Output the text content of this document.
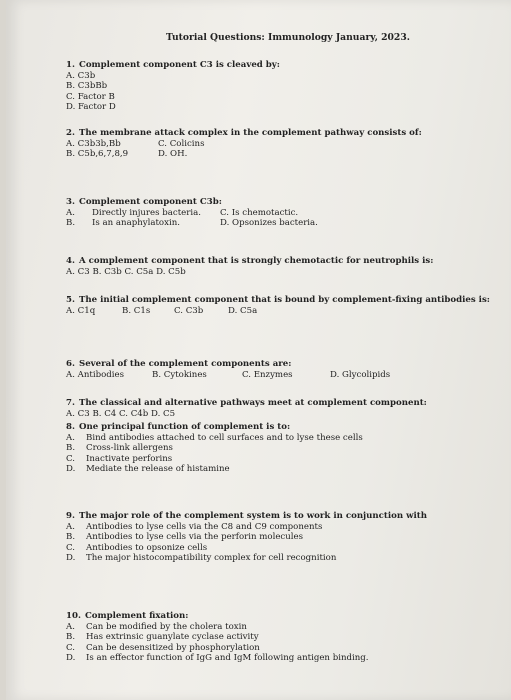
Tutorial Questions: Immunology January, 2023.
1. Complement component C3 is cleaved by:
A. C3b
B. C3bBb
C. Factor B
D. Factor D
2. The membrane attack complex in the complement pathway consists of:
A. C3b3b,Bb	C. Colicins
B. C5b,6,7,8,9	D. OH.
3. Complement component C3b:
A.	Directly injures bacteria.	C. Is chemotactic.
B.	Is an anaphylatoxin.	D. Opsonizes bacteria.
4. A complement component that is strongly chemotactic for neutrophils is:
A. C3 B. C3b C. C5a D. C5b
5. The initial complement component that is bound by complement-fixing antibodies is:
A. C1q	B. C1s	C. C3b	D. C5a
6. Several of the complement components are:
A. Antibodies	B. Cytokines	C. Enzymes	D. Glycolipids
7. The classical and alternative pathways meet at complement component:
A. C3 B. C4 C. C4b D. C5
8. One principal function of complement is to:
A. Bind antibodies attached to cell surfaces and to lyse these cells
B. Cross-link allergens
C. Inactivate perforins
D. Mediate the release of histamine
9. The major role of the complement system is to work in conjunction with
A. Antibodies to lyse cells via the C8 and C9 components
B. Antibodies to lyse cells via the perforin molecules
C. Antibodies to opsonize cells
D. The major histocompatibility complex for cell recognition
10. Complement fixation:
A. Can be modified by the cholera toxin
B. Has extrinsic guanylate cyclase activity
C. Can be desensitized by phosphorylation
D. Is an effector function of IgG and IgM following antigen binding.
